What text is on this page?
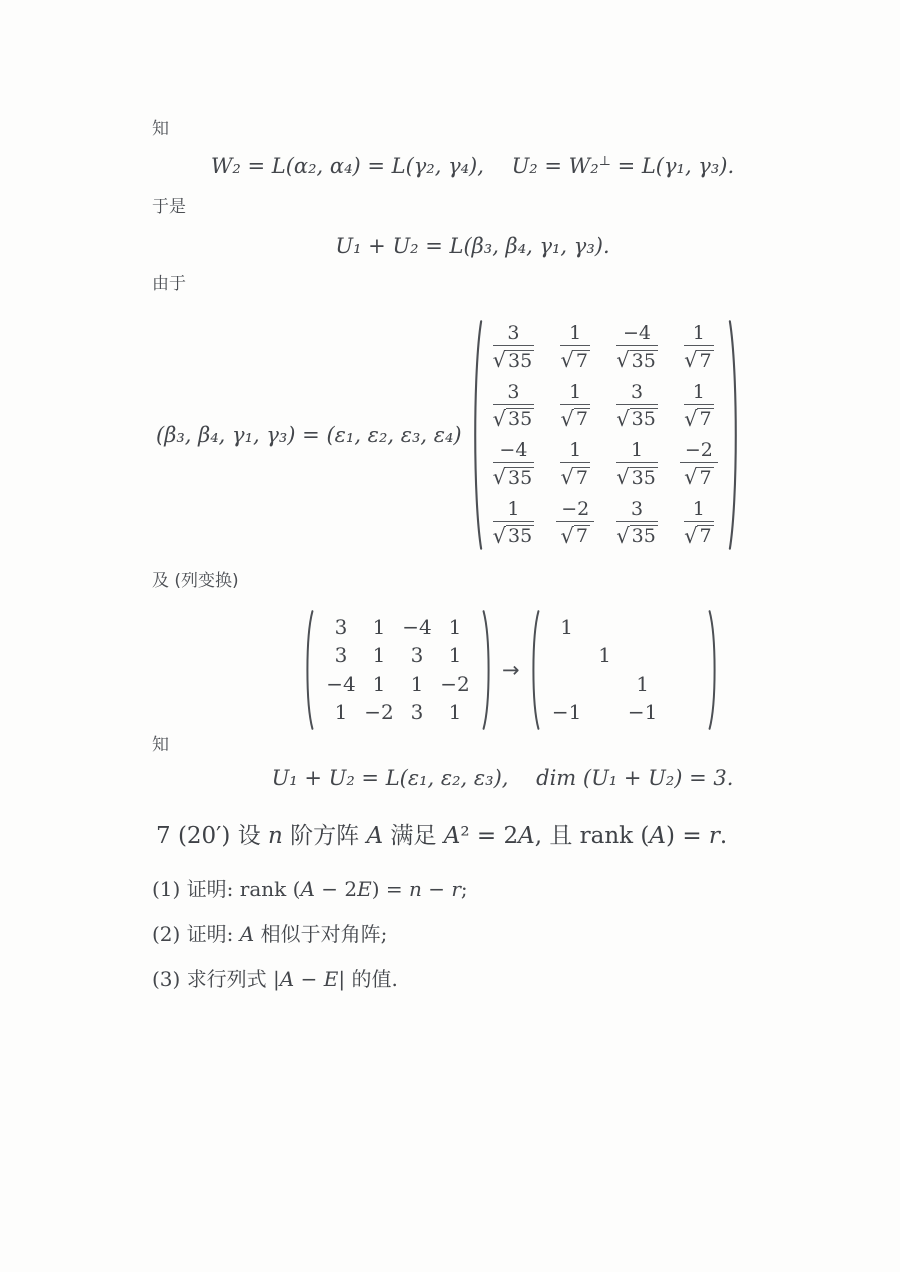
知
W₂ = L(α₂, α₄) = L(γ₂, γ₄),  U₂ = W₂⊥ = L(γ₁, γ₃).
于是
U₁ + U₂ = L(β₃, β₄, γ₁, γ₃).
由于
(β₃, β₄, γ₁, γ₃) = (ε₁, ε₂, ε₃, ε₄)
$\frac{3}{√ 35} \frac{1}{√ 7} \frac{-4}{√ 35} \frac{1}{√ 7}$
$\frac{3}{√ 35} \frac{1}{√ 7} \frac{3}{√ 35} \frac{1}{√ 7}$
$\frac{-4}{√ 35} \frac{1}{√ 7} \frac{1}{√ 35} \frac{-2}{√ 7}$
$\frac{1}{√ 35} \frac{-2}{√ 7} \frac{3}{√ 35} \frac{1}{√ 7}$
及 (列变换)
3 1 −4 1
3 1 3 1
−4 1 1 −2
1 −2 3 1
→
1
1
1
−1 −1
知
U₁ + U₂ = L(ε₁, ε₂, ε₃),  dim (U₁ + U₂) = 3.
7 (20′) 设 n 阶方阵 A 满足 A² = 2A, 且 rank (A) = r.
(1) 证明: rank (A − 2E) = n − r;
(2) 证明: A 相似于对角阵;
(3) 求行列式 |A − E| 的值.
